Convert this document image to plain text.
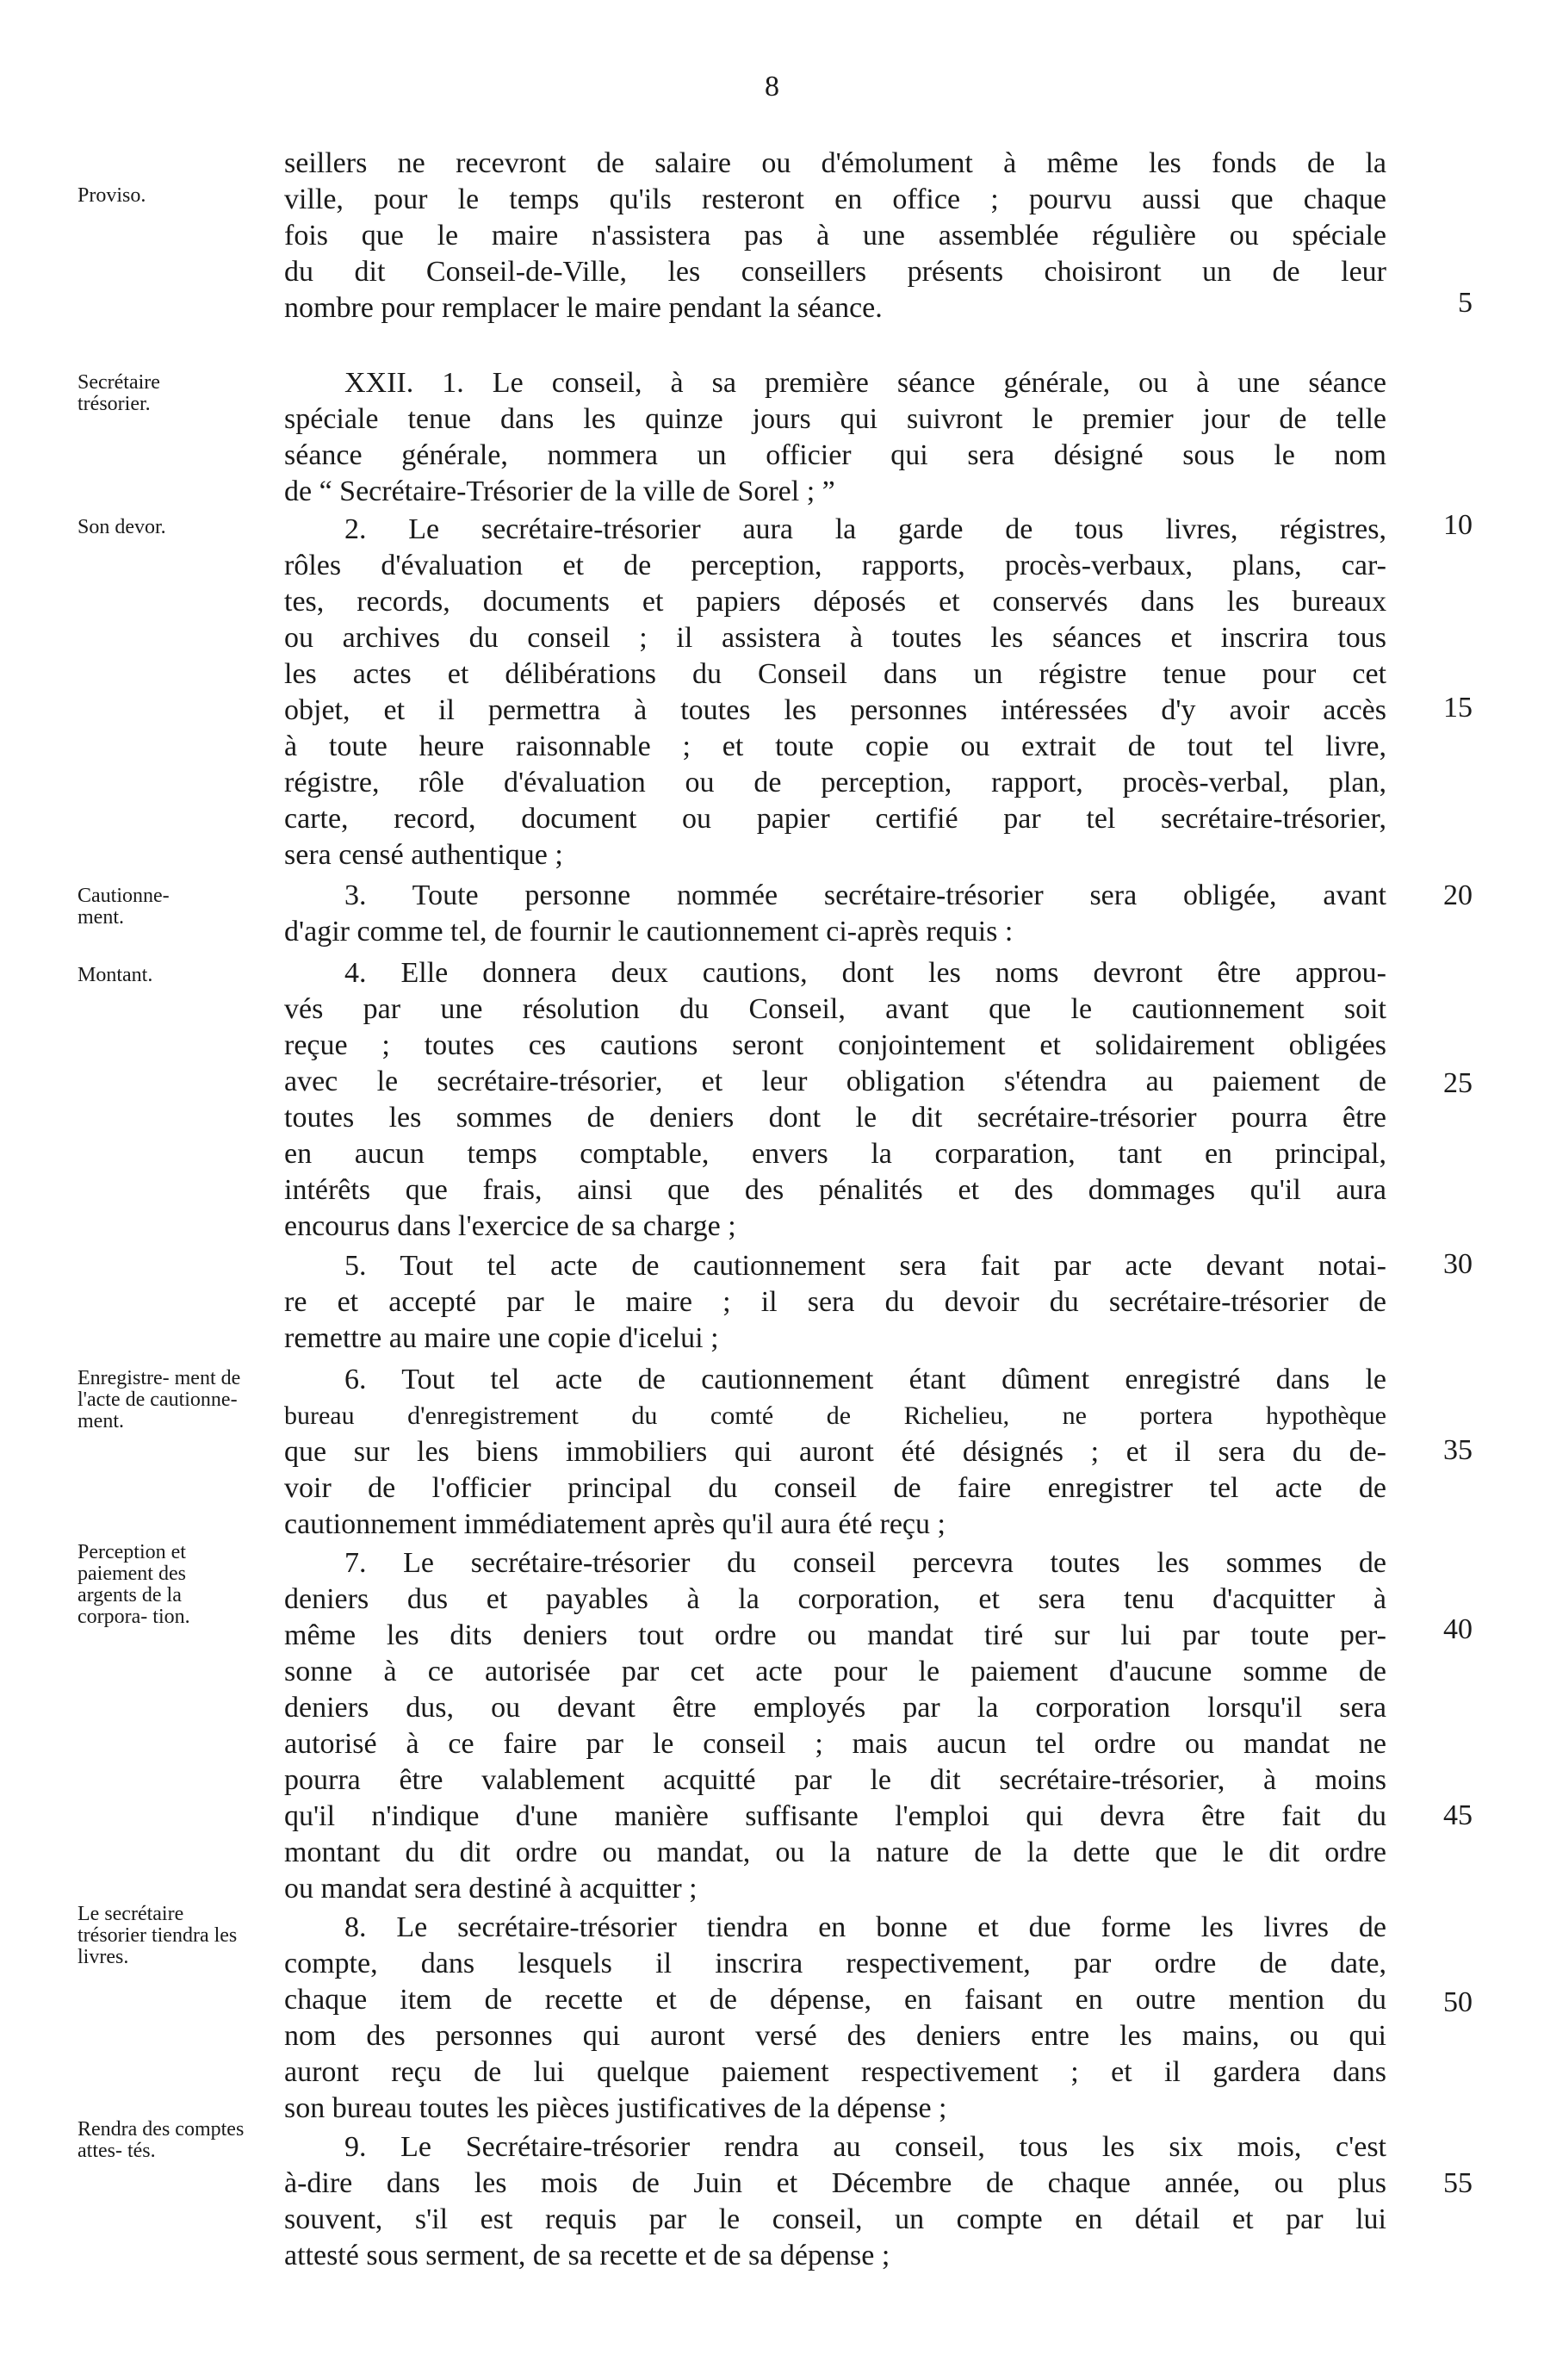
8
Proviso.
Secrétaire trésorier.
Son devor.
Cautionne- ment.
Montant.
Enregistre- ment de l'acte de cautionne- ment.
Perception et paiement des argents de la corpora- tion.
Le secrétaire trésorier tiendra les livres.
Rendra des comptes attes- tés.
5
10
15
20
25
30
35
40
45
50
55
seillers ne recevront de salaire ou d'émolument à même les fonds de la
ville, pour le temps qu'ils resteront en office ; pourvu aussi que chaque
fois que le maire n'assistera pas à une assemblée régulière ou spéciale
du dit Conseil-de-Ville, les conseillers présents choisiront un de leur
nombre pour remplacer le maire pendant la séance.
XXII. 1. Le conseil, à sa première séance générale, ou à une séance
spéciale tenue dans les quinze jours qui suivront le premier jour de telle
séance générale, nommera un officier qui sera désigné sous le nom
de “ Secrétaire-Trésorier de la ville de Sorel ; ”
2. Le secrétaire-trésorier aura la garde de tous livres, régistres,
rôles d'évaluation et de perception, rapports, procès-verbaux, plans, car-
tes, records, documents et papiers déposés et conservés dans les bureaux
ou archives du conseil ; il assistera à toutes les séances et inscrira tous
les actes et délibérations du Conseil dans un régistre tenue pour cet
objet, et il permettra à toutes les personnes intéressées d'y avoir accès
à toute heure raisonnable ; et toute copie ou extrait de tout tel livre,
régistre, rôle d'évaluation ou de perception, rapport, procès-verbal, plan,
carte, record, document ou papier certifié par tel secrétaire-trésorier,
sera censé authentique ;
3. Toute personne nommée secrétaire-trésorier sera obligée, avant
d'agir comme tel, de fournir le cautionnement ci-après requis :
4. Elle donnera deux cautions, dont les noms devront être approu-
vés par une résolution du Conseil, avant que le cautionnement soit
reçue ; toutes ces cautions seront conjointement et solidairement obligées
avec le secrétaire-trésorier, et leur obligation s'étendra au paiement de
toutes les sommes de deniers dont le dit secrétaire-trésorier pourra être
en aucun temps comptable, envers la corparation, tant en principal,
intérêts que frais, ainsi que des pénalités et des dommages qu'il aura
encourus dans l'exercice de sa charge ;
5. Tout tel acte de cautionnement sera fait par acte devant notai-
re et accepté par le maire ; il sera du devoir du secrétaire-trésorier de
remettre au maire une copie d'icelui ;
6. Tout tel acte de cautionnement étant dûment enregistré dans le
bureau d'enregistrement du comté de Richelieu, ne portera hypothèque
que sur les biens immobiliers qui auront été désignés ; et il sera du de-
voir de l'officier principal du conseil de faire enregistrer tel acte de
cautionnement immédiatement après qu'il aura été reçu ;
7. Le secrétaire-trésorier du conseil percevra toutes les sommes de
deniers dus et payables à la corporation, et sera tenu d'acquitter à
même les dits deniers tout ordre ou mandat tiré sur lui par toute per-
sonne à ce autorisée par cet acte pour le paiement d'aucune somme de
deniers dus, ou devant être employés par la corporation lorsqu'il sera
autorisé à ce faire par le conseil ; mais aucun tel ordre ou mandat ne
pourra être valablement acquitté par le dit secrétaire-trésorier, à moins
qu'il n'indique d'une manière suffisante l'emploi qui devra être fait du
montant du dit ordre ou mandat, ou la nature de la dette que le dit ordre
ou mandat sera destiné à acquitter ;
8. Le secrétaire-trésorier tiendra en bonne et due forme les livres de
compte, dans lesquels il inscrira respectivement, par ordre de date,
chaque item de recette et de dépense, en faisant en outre mention du
nom des personnes qui auront versé des deniers entre les mains, ou qui
auront reçu de lui quelque paiement respectivement ; et il gardera dans
son bureau toutes les pièces justificatives de la dépense ;
9. Le Secrétaire-trésorier rendra au conseil, tous les six mois, c'est
à-dire dans les mois de Juin et Décembre de chaque année, ou plus
souvent, s'il est requis par le conseil, un compte en détail et par lui
attesté sous serment, de sa recette et de sa dépense ;
